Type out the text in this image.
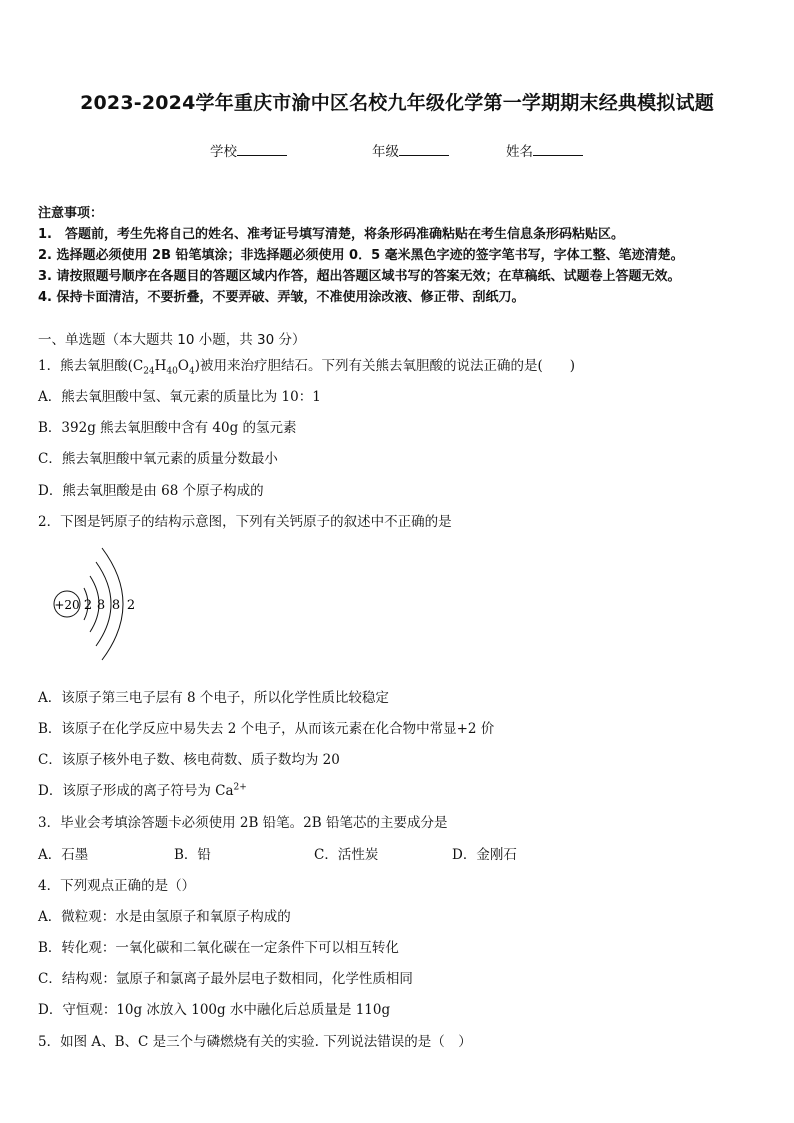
2023-2024学年重庆市渝中区名校九年级化学第一学期期末经典模拟试题
学校	年级	姓名
注意事项：
1.　答题前，考生先将自己的姓名、准考证号填写清楚，将条形码准确粘贴在考生信息条形码粘贴区。
2. 选择题必须使用 2B 铅笔填涂；非选择题必须使用 0．5 毫米黑色字迹的签字笔书写，字体工整、笔迹清楚。
3. 请按照题号顺序在各题目的答题区域内作答，超出答题区域书写的答案无效；在草稿纸、试题卷上答题无效。
4. 保持卡面清洁，不要折叠，不要弄破、弄皱，不准使用涂改液、修正带、刮纸刀。
一、单选题（本大题共 10 小题，共 30 分）
1．熊去氧胆酸$(C_{24}H_{40}O_4)$被用来治疗胆结石。下列有关熊去氧胆酸的说法正确的是(　　)
A．熊去氧胆酸中氢、氧元素的质量比为 10：1
B．392g 熊去氧胆酸中含有 40g 的氢元素
C．熊去氧胆酸中氧元素的质量分数最小
D．熊去氧胆酸是由 68 个原子构成的
2．下图是钙原子的结构示意图，下列有关钙原子的叙述中不正确的是
+20 2 8 8 2
A．该原子第三电子层有 8 个电子，所以化学性质比较稳定
B．该原子在化学反应中易失去 2 个电子，从而该元素在化合物中常显+2 价
C．该原子核外电子数、核电荷数、质子数均为 20
D．该原子形成的离子符号为 $Ca^{2+}$
3．毕业会考填涂答题卡必须使用 2B 铅笔。2B 铅笔芯的主要成分是
A．石墨	B．铅	C．活性炭	D．金刚石
4．下列观点正确的是（）
A．微粒观：水是由氢原子和氧原子构成的
B．转化观：一氧化碳和二氧化碳在一定条件下可以相互转化
C．结构观：氩原子和氯离子最外层电子数相同，化学性质相同
D．守恒观：10g 冰放入 100g 水中融化后总质量是 110g
5．如图 A、B、C 是三个与磷燃烧有关的实验. 下列说法错误的是（　）
